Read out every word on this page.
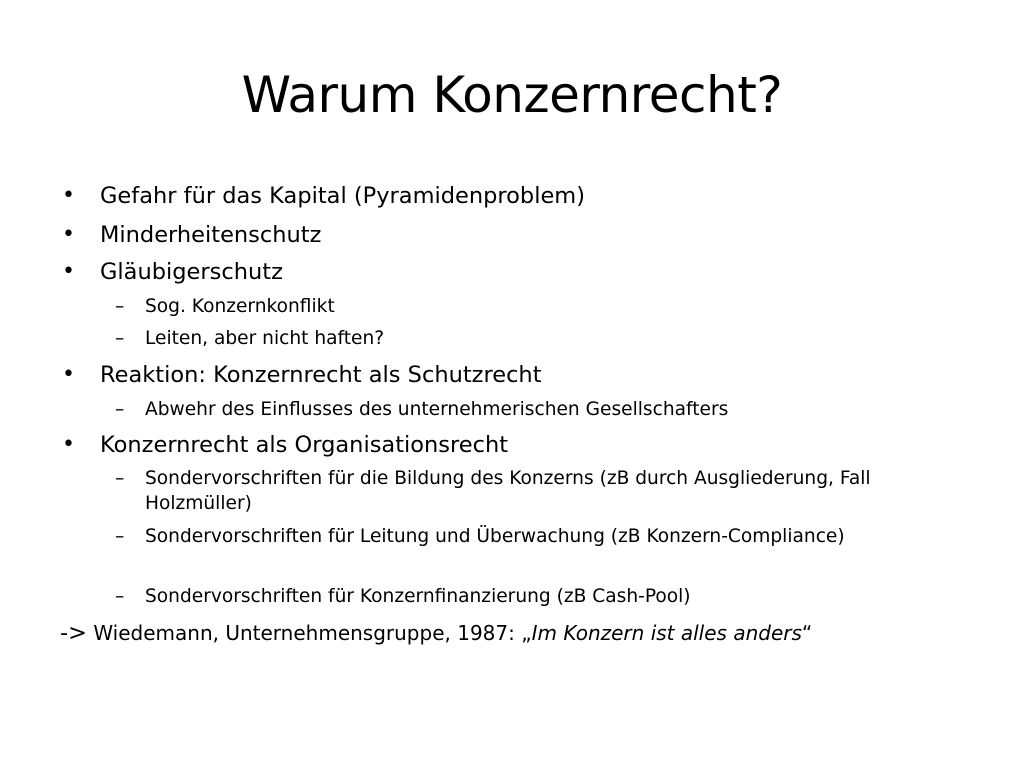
Warum Konzernrecht?
• Gefahr für das Kapital (Pyramidenproblem)
• Minderheitenschutz
• Gläubigerschutz
– Sog. Konzernkonflikt
– Leiten, aber nicht haften?
• Reaktion: Konzernrecht als Schutzrecht
– Abwehr des Einflusses des unternehmerischen Gesellschafters
• Konzernrecht als Organisationsrecht
– Sondervorschriften für die Bildung des Konzerns (zB durch Ausgliederung, Fall Holzmüller)
– Sondervorschriften für Leitung und Überwachung (zB Konzern-Compliance)
– Sondervorschriften für Konzernfinanzierung (zB Cash-Pool)
-> Wiedemann, Unternehmensgruppe, 1987: „Im Konzern ist alles anders“
